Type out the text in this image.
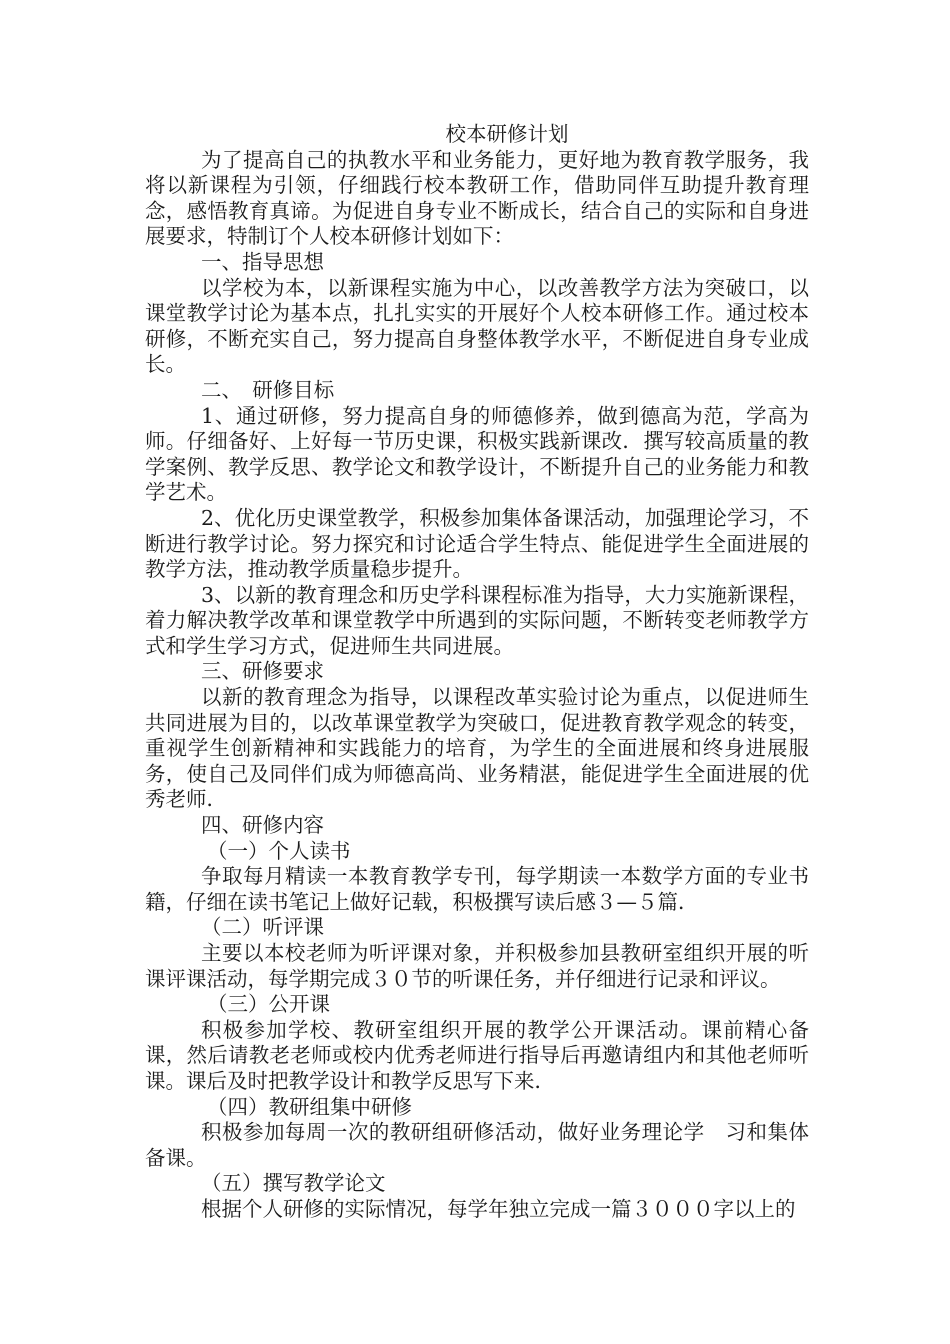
校本研修计划

为了提高自己的执教水平和业务能力，更好地为教育教学服务，我将以新课程为引领，仔细践行校本教研工作，借助同伴互助提升教育理念，感悟教育真谛。为促进自身专业不断成长，结合自己的实际和自身进展要求，特制订个人校本研修计划如下：

一、指导思想

以学校为本，以新课程实施为中心，以改善教学方法为突破口，以课堂教学讨论为基本点，扎扎实实的开展好个人校本研修工作。通过校本研修，不断充实自己，努力提高自身整体教学水平，不断促进自身专业成长。

二、　研修目标

1、通过研修，努力提高自身的师德修养，做到德高为范，学高为师。仔细备好、上好每一节历史课，积极实践新课改．撰写较高质量的教学案例、教学反思、教学论文和教学设计，不断提升自己的业务能力和教学艺术。

2、优化历史课堂教学，积极参加集体备课活动，加强理论学习，不断进行教学讨论。努力探究和讨论适合学生特点、能促进学生全面进展的教学方法，推动教学质量稳步提升。

3、以新的教育理念和历史学科课程标准为指导，大力实施新课程，着力解决教学改革和课堂教学中所遇到的实际问题，不断转变老师教学方式和学生学习方式，促进师生共同进展。

三、研修要求

以新的教育理念为指导，以课程改革实验讨论为重点，以促进师生共同进展为目的，以改革课堂教学为突破口，促进教育教学观念的转变，重视学生创新精神和实践能力的培育，为学生的全面进展和终身进展服务，使自己及同伴们成为师德高尚、业务精湛，能促进学生全面进展的优秀老师．

四、研修内容

（一）个人读书

争取每月精读一本教育教学专刊，每学期读一本数学方面的专业书籍，仔细在读书笔记上做好记载，积极撰写读后感３—５篇．

（二）听评课

主要以本校老师为听评课对象，并积极参加县教研室组织开展的听课评课活动，每学期完成３０节的听课任务，并仔细进行记录和评议。

（三）公开课

积极参加学校、教研室组织开展的教学公开课活动。课前精心备课，然后请教老老师或校内优秀老师进行指导后再邀请组内和其他老师听课。课后及时把教学设计和教学反思写下来．

（四）教研组集中研修

积极参加每周一次的教研组研修活动，做好业务理论学　习和集体备课。

（五）撰写教学论文

根据个人研修的实际情况，每学年独立完成一篇３０００字以上的
